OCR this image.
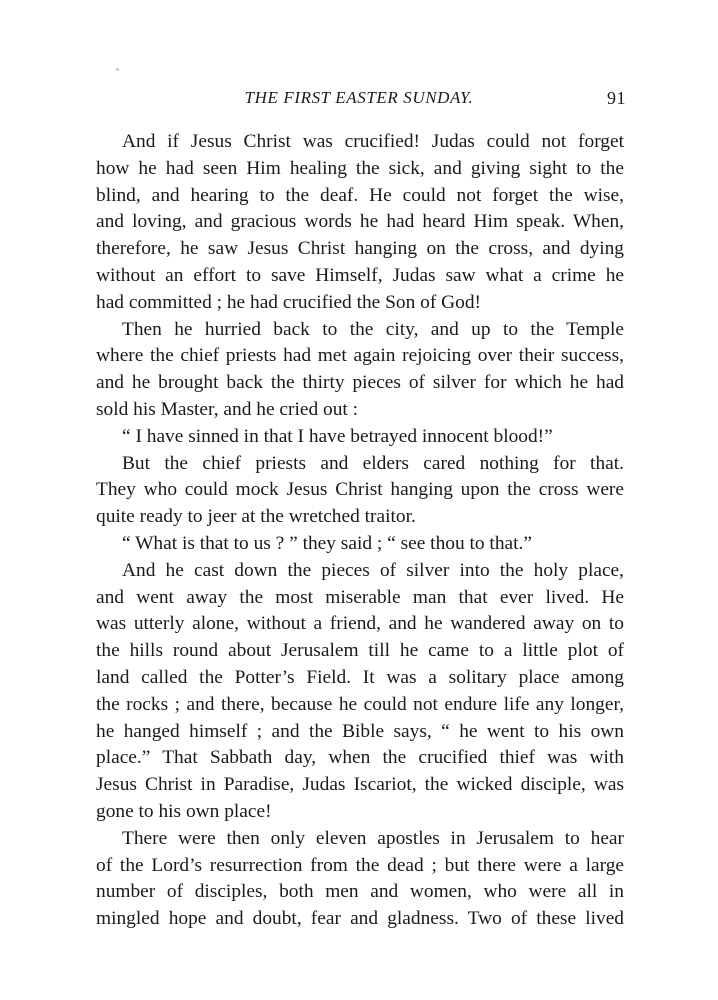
THE FIRST EASTER SUNDAY.	91
And if Jesus Christ was crucified! Judas could not forget
how he had seen Him healing the sick, and giving sight to the
blind, and hearing to the deaf. He could not forget the wise,
and loving, and gracious words he had heard Him speak. When,
therefore, he saw Jesus Christ hanging on the cross, and dying
without an effort to save Himself, Judas saw what a crime he
had committed ; he had crucified the Son of God!
Then he hurried back to the city, and up to the Temple
where the chief priests had met again rejoicing over their success,
and he brought back the thirty pieces of silver for which he had
sold his Master, and he cried out :
“ I have sinned in that I have betrayed innocent blood!”
But the chief priests and elders cared nothing for that.
They who could mock Jesus Christ hanging upon the cross were
quite ready to jeer at the wretched traitor.
“ What is that to us ? ” they said ; “ see thou to that.”
And he cast down the pieces of silver into the holy place,
and went away the most miserable man that ever lived. He
was utterly alone, without a friend, and he wandered away on to
the hills round about Jerusalem till he came to a little plot of
land called the Potter’s Field. It was a solitary place among
the rocks ; and there, because he could not endure life any longer,
he hanged himself ; and the Bible says, “ he went to his own
place.” That Sabbath day, when the crucified thief was with
Jesus Christ in Paradise, Judas Iscariot, the wicked disciple, was
gone to his own place!
There were then only eleven apostles in Jerusalem to hear
of the Lord’s resurrection from the dead ; but there were a large
number of disciples, both men and women, who were all in
mingled hope and doubt, fear and gladness. Two of these lived
